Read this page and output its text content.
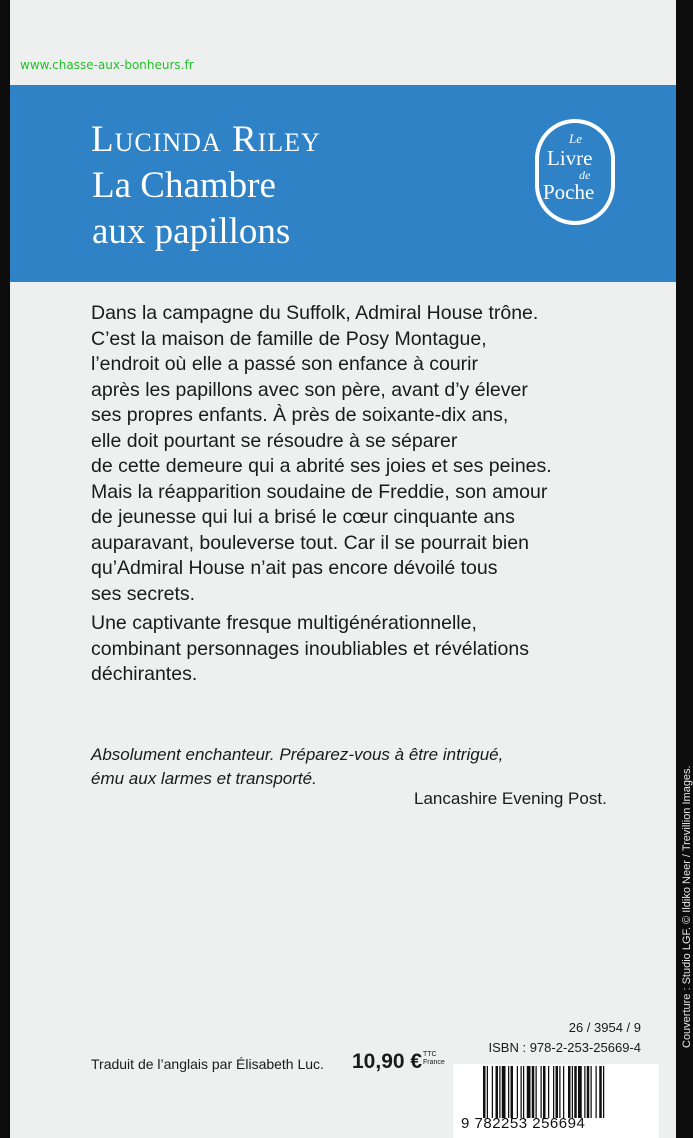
www.chasse-aux-bonheurs.fr
Lucinda Riley
La Chambre
aux papillons
Le
Livre
de
Poche
Dans la campagne du Suffolk, Admiral House trône.
C’est la maison de famille de Posy Montague,
l’endroit où elle a passé son enfance à courir
après les papillons avec son père, avant d’y élever
ses propres enfants. À près de soixante-dix ans,
elle doit pourtant se résoudre à se séparer
de cette demeure qui a abrité ses joies et ses peines.
Mais la réapparition soudaine de Freddie, son amour
de jeunesse qui lui a brisé le cœur cinquante ans
auparavant, bouleverse tout. Car il se pourrait bien
qu’Admiral House n’ait pas encore dévoilé tous
ses secrets.
Une captivante fresque multigénérationnelle,
combinant personnages inoubliables et révélations
déchirantes.
Absolument enchanteur. Préparez-vous à être intrigué,
ému aux larmes et transporté.
Lancashire Evening Post.	Couverture : Studio LGF. © Ildiko Neer / Trevillion Images.
26 / 3954 / 9
ISBN : 978-2-253-25669-4
Traduit de l’anglais par Élisabeth Luc. 10,90 € TTC
France
9 782253 256694
